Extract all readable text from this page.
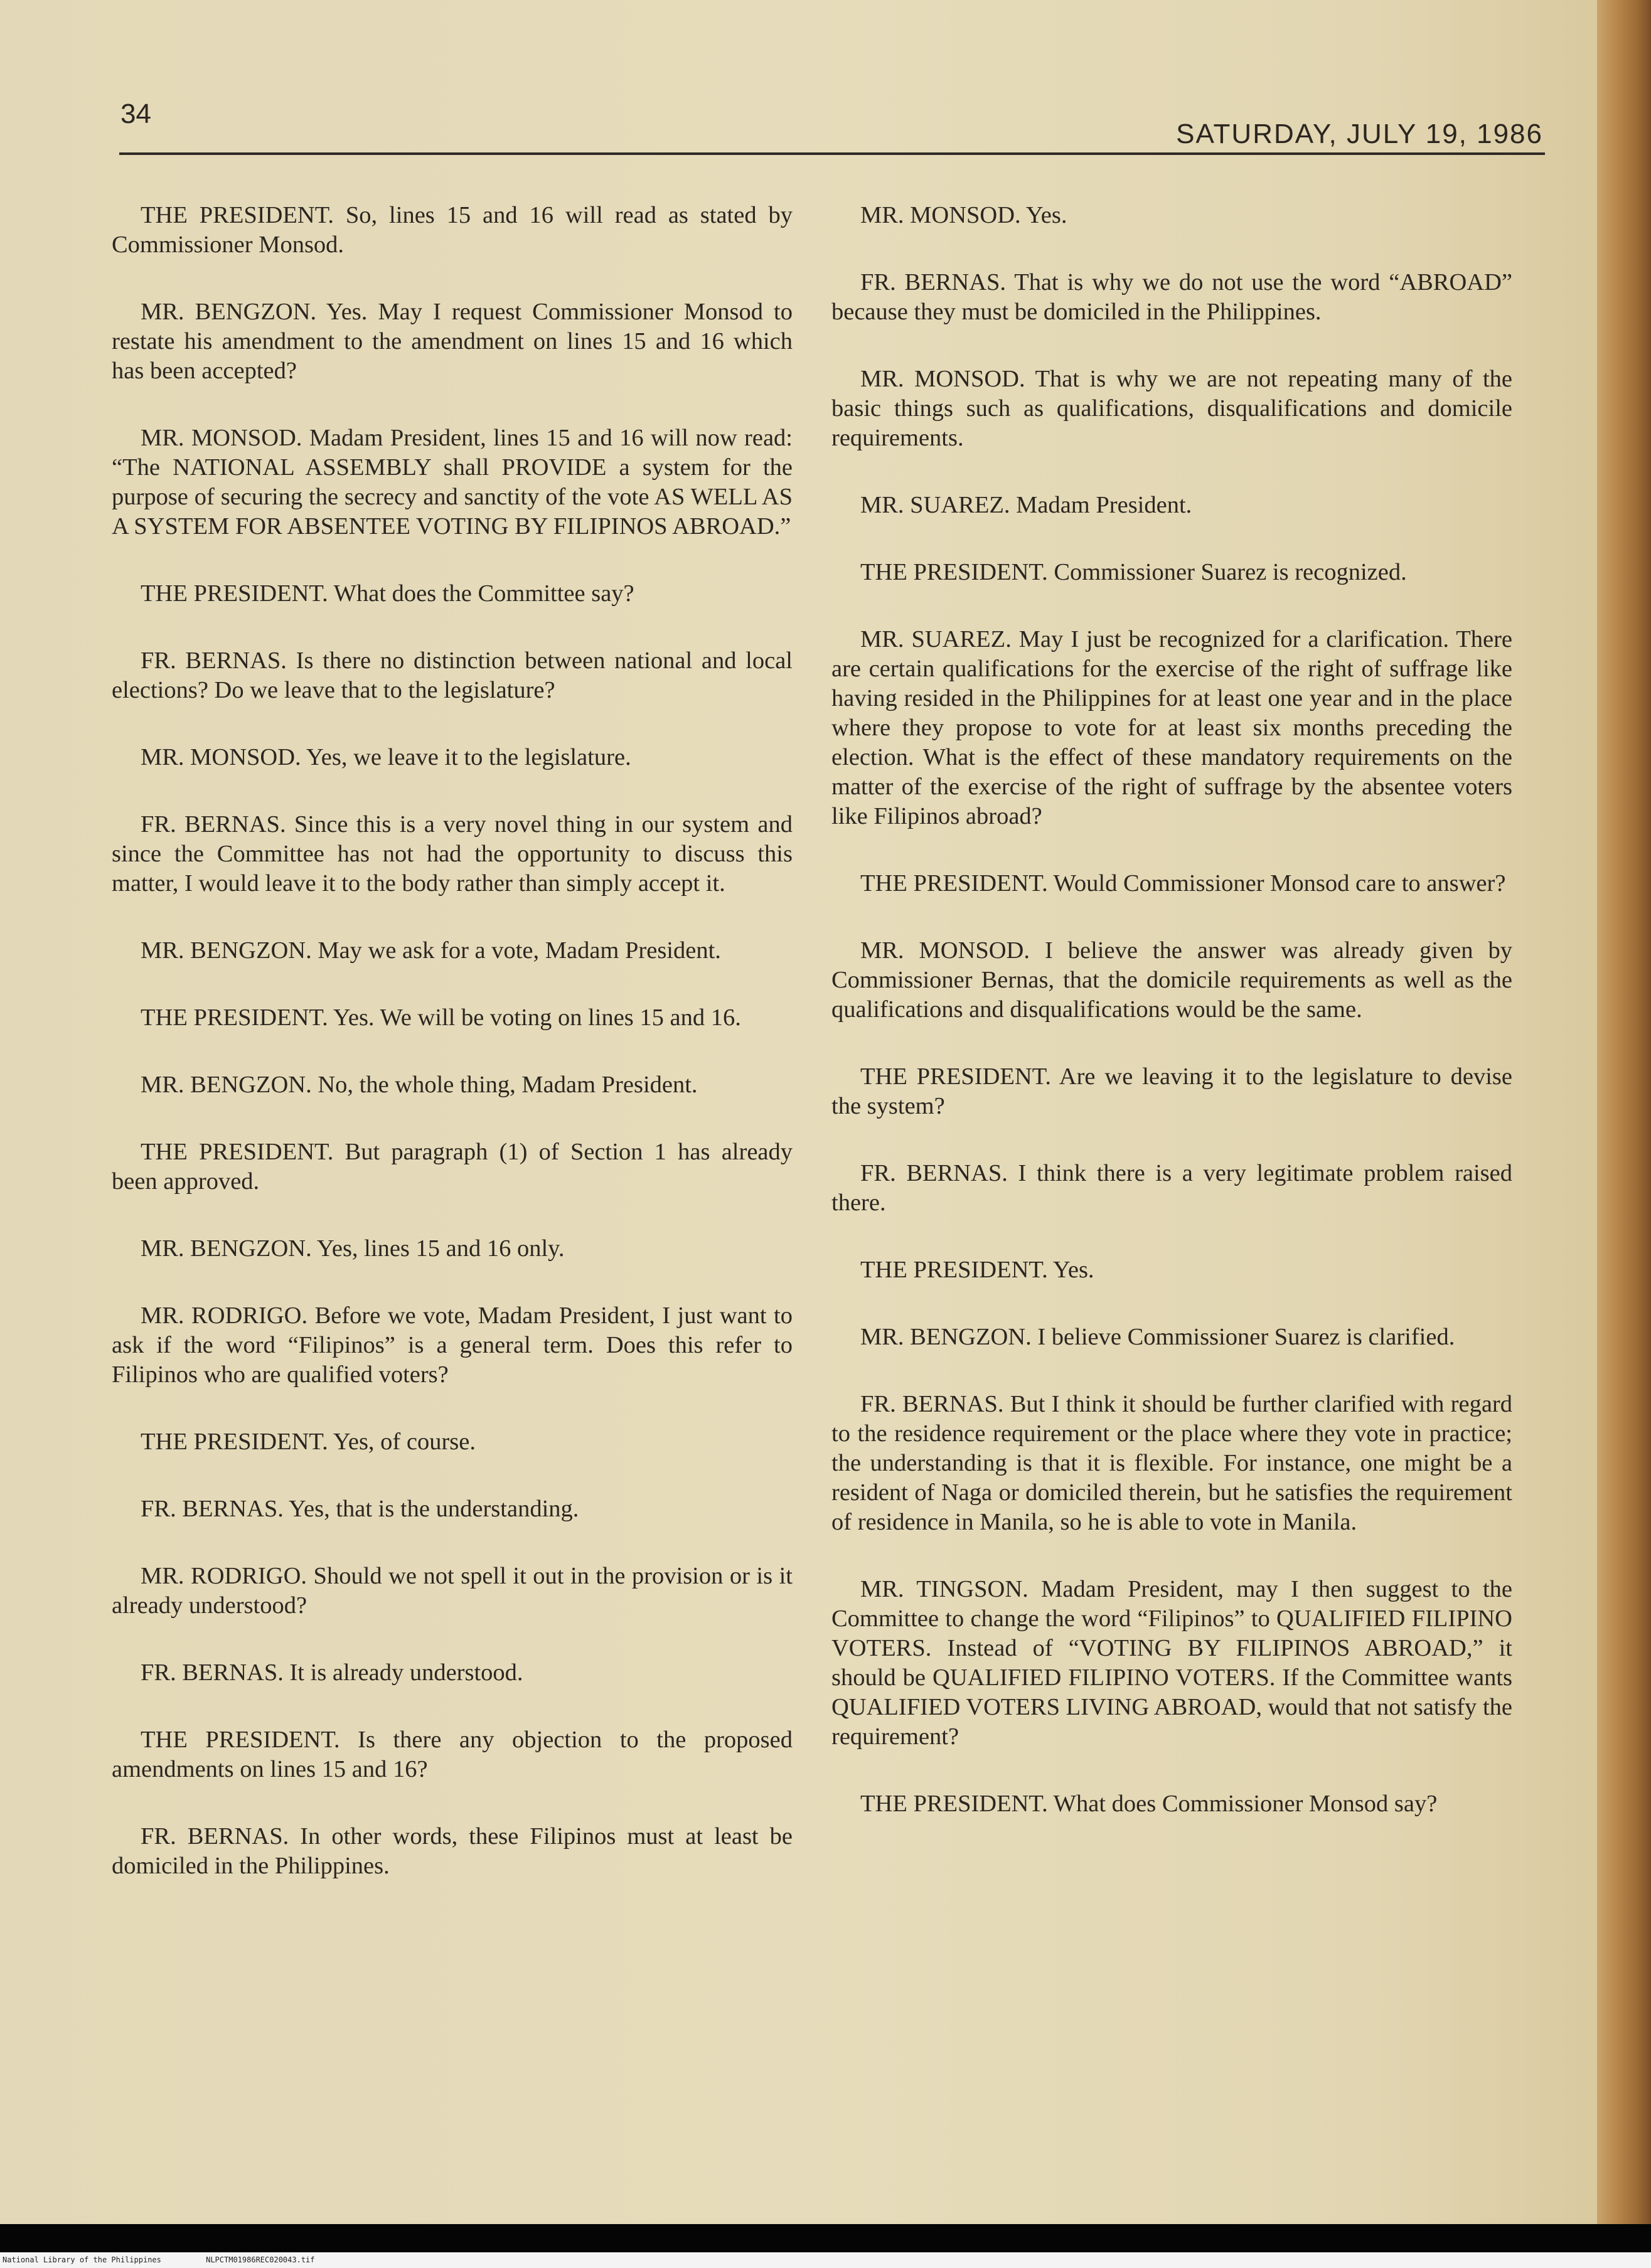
34
SATURDAY, JULY 19, 1986

THE PRESIDENT. So, lines 15 and 16 will read as stated by Commissioner Monsod.

MR. BENGZON. Yes. May I request Commissioner Monsod to restate his amendment to the amendment on lines 15 and 16 which has been accepted?

MR. MONSOD. Madam President, lines 15 and 16 will now read: “The NATIONAL ASSEMBLY shall PROVIDE a system for the purpose of securing the secrecy and sanctity of the vote AS WELL AS A SYSTEM FOR ABSENTEE VOTING BY FILIPINOS ABROAD.”

THE PRESIDENT. What does the Committee say?

FR. BERNAS. Is there no distinction between national and local elections? Do we leave that to the legislature?

MR. MONSOD. Yes, we leave it to the legislature.

FR. BERNAS. Since this is a very novel thing in our system and since the Committee has not had the opportunity to discuss this matter, I would leave it to the body rather than simply accept it.

MR. BENGZON. May we ask for a vote, Madam President.

THE PRESIDENT. Yes. We will be voting on lines 15 and 16.

MR. BENGZON. No, the whole thing, Madam President.

THE PRESIDENT. But paragraph (1) of Section 1 has already been approved.

MR. BENGZON. Yes, lines 15 and 16 only.

MR. RODRIGO. Before we vote, Madam President, I just want to ask if the word “Filipinos” is a general term. Does this refer to Filipinos who are qualified voters?

THE PRESIDENT. Yes, of course.

FR. BERNAS. Yes, that is the understanding.

MR. RODRIGO. Should we not spell it out in the provision or is it already understood?

FR. BERNAS. It is already understood.

THE PRESIDENT. Is there any objection to the proposed amendments on lines 15 and 16?

FR. BERNAS. In other words, these Filipinos must at least be domiciled in the Philippines.

MR. MONSOD. Yes.

FR. BERNAS. That is why we do not use the word “ABROAD” because they must be domiciled in the Philippines.

MR. MONSOD. That is why we are not repeating many of the basic things such as qualifications, disqualifications and domicile requirements.

MR. SUAREZ. Madam President.

THE PRESIDENT. Commissioner Suarez is recognized.

MR. SUAREZ. May I just be recognized for a clarification. There are certain qualifications for the exercise of the right of suffrage like having resided in the Philippines for at least one year and in the place where they propose to vote for at least six months preceding the election. What is the effect of these mandatory requirements on the matter of the exercise of the right of suffrage by the absentee voters like Filipinos abroad?

THE PRESIDENT. Would Commissioner Monsod care to answer?

MR. MONSOD. I believe the answer was already given by Commissioner Bernas, that the domicile requirements as well as the qualifications and disqualifications would be the same.

THE PRESIDENT. Are we leaving it to the legislature to devise the system?

FR. BERNAS. I think there is a very legitimate problem raised there.

THE PRESIDENT. Yes.

MR. BENGZON. I believe Commissioner Suarez is clarified.

FR. BERNAS. But I think it should be further clarified with regard to the residence requirement or the place where they vote in practice; the understanding is that it is flexible. For instance, one might be a resident of Naga or domiciled therein, but he satisfies the requirement of residence in Manila, so he is able to vote in Manila.

MR. TINGSON. Madam President, may I then suggest to the Committee to change the word “Filipinos” to QUALIFIED FILIPINO VOTERS. Instead of “VOTING BY FILIPINOS ABROAD,” it should be QUALIFIED FILIPINO VOTERS. If the Committee wants QUALIFIED VOTERS LIVING ABROAD, would that not satisfy the requirement?

THE PRESIDENT. What does Commissioner Monsod say?

National Library of the Philippines	NLPCTM01986REC020043.tif
